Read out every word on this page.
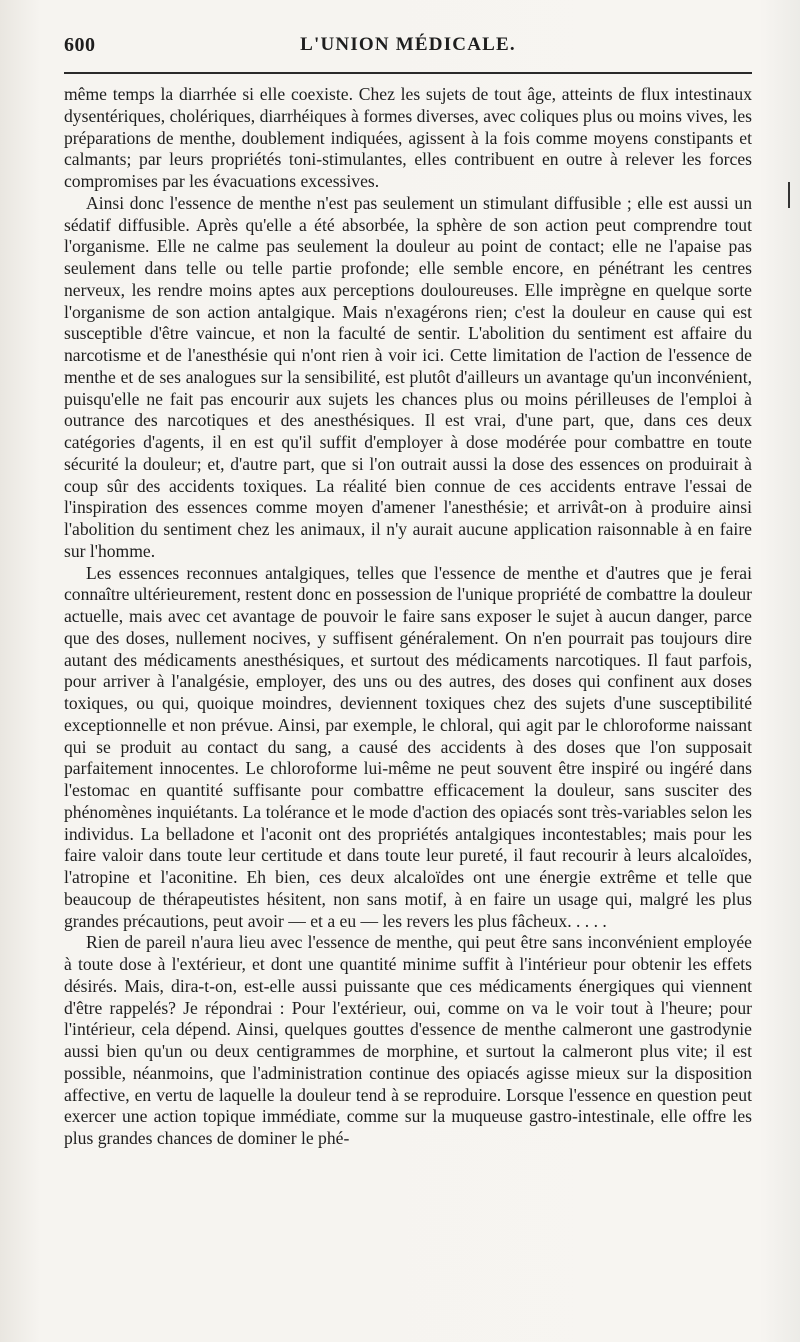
600	L'UNION MÉDICALE.

même temps la diarrhée si elle coexiste. Chez les sujets de tout âge, atteints de flux intestinaux dysentériques, cholériques, diarrhéiques à formes diverses, avec coliques plus ou moins vives, les préparations de menthe, doublement indiquées, agissent à la fois comme moyens constipants et calmants; par leurs propriétés toni-stimulantes, elles contribuent en outre à relever les forces compromises par les évacuations excessives.

Ainsi donc l'essence de menthe n'est pas seulement un stimulant diffusible ; elle est aussi un sédatif diffusible. Après qu'elle a été absorbée, la sphère de son action peut comprendre tout l'organisme. Elle ne calme pas seulement la douleur au point de contact; elle ne l'apaise pas seulement dans telle ou telle partie profonde; elle semble encore, en pénétrant les centres nerveux, les rendre moins aptes aux perceptions douloureuses. Elle imprègne en quelque sorte l'organisme de son action antalgique. Mais n'exagérons rien; c'est la douleur en cause qui est susceptible d'être vaincue, et non la faculté de sentir. L'abolition du sentiment est affaire du narcotisme et de l'anesthésie qui n'ont rien à voir ici. Cette limitation de l'action de l'essence de menthe et de ses analogues sur la sensibilité, est plutôt d'ailleurs un avantage qu'un inconvénient, puisqu'elle ne fait pas encourir aux sujets les chances plus ou moins périlleuses de l'emploi à outrance des narcotiques et des anesthésiques. Il est vrai, d'une part, que, dans ces deux catégories d'agents, il en est qu'il suffit d'employer à dose modérée pour combattre en toute sécurité la douleur; et, d'autre part, que si l'on outrait aussi la dose des essences on produirait à coup sûr des accidents toxiques. La réalité bien connue de ces accidents entrave l'essai de l'inspiration des essences comme moyen d'amener l'anesthésie; et arrivât-on à produire ainsi l'abolition du sentiment chez les animaux, il n'y aurait aucune application raisonnable à en faire sur l'homme.

Les essences reconnues antalgiques, telles que l'essence de menthe et d'autres que je ferai connaître ultérieurement, restent donc en possession de l'unique propriété de combattre la douleur actuelle, mais avec cet avantage de pouvoir le faire sans exposer le sujet à aucun danger, parce que des doses, nullement nocives, y suffisent généralement. On n'en pourrait pas toujours dire autant des médicaments anesthésiques, et surtout des médicaments narcotiques. Il faut parfois, pour arriver à l'analgésie, employer, des uns ou des autres, des doses qui confinent aux doses toxiques, ou qui, quoique moindres, deviennent toxiques chez des sujets d'une susceptibilité exceptionnelle et non prévue. Ainsi, par exemple, le chloral, qui agit par le chloroforme naissant qui se produit au contact du sang, a causé des accidents à des doses que l'on supposait parfaitement innocentes. Le chloroforme lui-même ne peut souvent être inspiré ou ingéré dans l'estomac en quantité suffisante pour combattre efficacement la douleur, sans susciter des phénomènes inquiétants. La tolérance et le mode d'action des opiacés sont très-variables selon les individus. La belladone et l'aconit ont des propriétés antalgiques incontestables; mais pour les faire valoir dans toute leur certitude et dans toute leur pureté, il faut recourir à leurs alcaloïdes, l'atropine et l'aconitine. Eh bien, ces deux alcaloïdes ont une énergie extrême et telle que beaucoup de thérapeutistes hésitent, non sans motif, à en faire un usage qui, malgré les plus grandes précautions, peut avoir — et a eu — les revers les plus fâcheux. . . . .

Rien de pareil n'aura lieu avec l'essence de menthe, qui peut être sans inconvénient employée à toute dose à l'extérieur, et dont une quantité minime suffit à l'intérieur pour obtenir les effets désirés. Mais, dira-t-on, est-elle aussi puissante que ces médicaments énergiques qui viennent d'être rappelés? Je répondrai : Pour l'extérieur, oui, comme on va le voir tout à l'heure; pour l'intérieur, cela dépend. Ainsi, quelques gouttes d'essence de menthe calmeront une gastrodynie aussi bien qu'un ou deux centigrammes de morphine, et surtout la calmeront plus vite; il est possible, néanmoins, que l'administration continue des opiacés agisse mieux sur la disposition affective, en vertu de laquelle la douleur tend à se reproduire. Lorsque l'essence en question peut exercer une action topique immédiate, comme sur la muqueuse gastro-intestinale, elle offre les plus grandes chances de dominer le phé-
